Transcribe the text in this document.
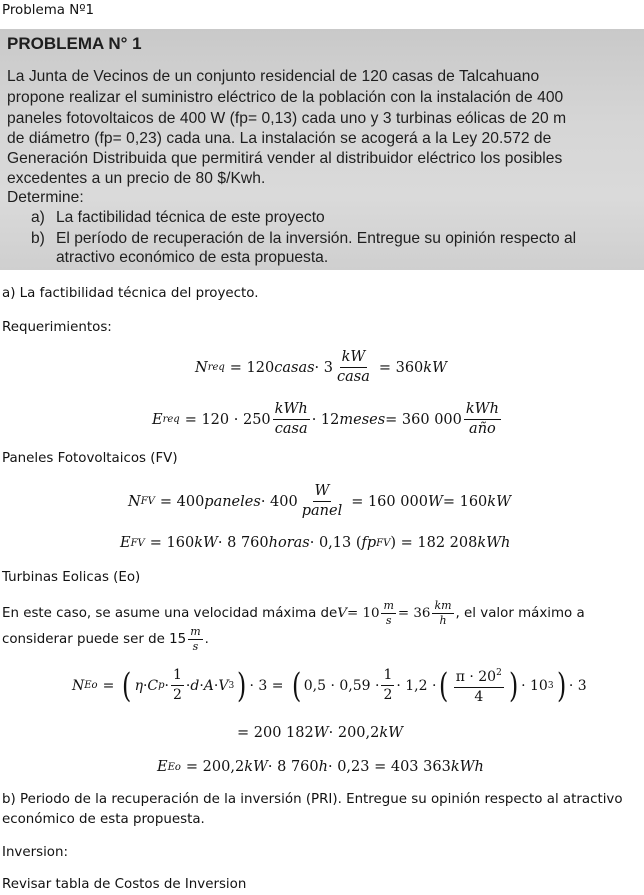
Problema Nº1
PROBLEMA N° 1
La Junta de Vecinos de un conjunto residencial de 120 casas de Talcahuano
propone realizar el suministro eléctrico de la población con la instalación de 400
paneles fotovoltaicos de 400 W (fp= 0,13) cada uno y 3 turbinas eólicas de 20 m
de diámetro (fp= 0,23) cada una. La instalación se acogerá a la Ley 20.572 de
Generación Distribuida que permitirá vender al distribuidor eléctrico los posibles
excedentes a un precio de 80 $/Kwh.
Determine:
a) La factibilidad técnica de este proyecto
b) El período de recuperación de la inversión. Entregue su opinión respecto al
atractivo económico de esta propuesta.
a) La factibilidad técnica del proyecto.
Requerimientos:
N req = 120 casas · $3 \frac{kW}{\text{casa}} = 360$ kW
E req = $120 \cdot 250 \frac{\text{kWh}}{\text{casa}} \cdot 12$ meses = 360 $000 \frac{\text{kWh}}{\text{año}}$
Paneles Fotovoltaicos (FV)
N FV = 400 paneles · $400 \frac{W}{\text{panel}} = 160$ 000 W = 160 kW
E FV = 160 kW · 8 760 horas · 0,13 ( fp FV ) = 182 208 kWh
Turbinas Eolicas (Eo)
En este caso, se asume una velocidad máxima de $V = 10 \frac{m}{s} = 36 \frac{km}{h}$ , el valor máximo a
considerar puede ser de $15 \frac{m}{s}$ .
N Eo = ( η · C $p \cdot \frac{1}{2} \cdot d \cdot A \cdot V$ 3 ) · 3 = ( $0,5 \cdot 0,59 \cdot \frac{1}{2} \cdot 1,2$ · ( $\frac{\pi \cdot 20^2}{4}$ ) · 10 3 ) · 3
= 200 182 W · 200,2 kW
E Eo = 200,2 kW · 8 760 h · 0,23 = 403 363 kWh
b) Periodo de la recuperación de la inversión (PRI). Entregue su opinión respecto al atractivo
económico de esta propuesta.
Inversion:
Revisar tabla de Costos de Inversion
